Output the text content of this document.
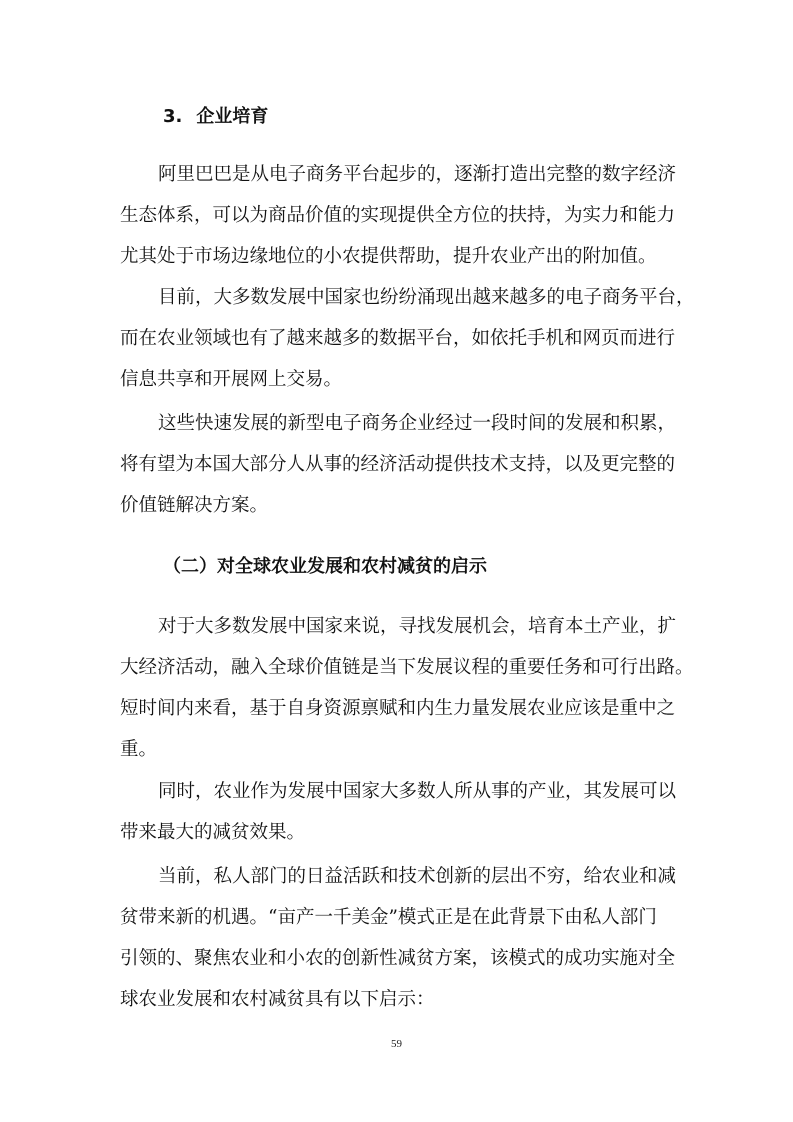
3. 企业培育
阿里巴巴是从电子商务平台起步的，逐渐打造出完整的数字经济
生态体系，可以为商品价值的实现提供全方位的扶持，为实力和能力
尤其处于市场边缘地位的小农提供帮助，提升农业产出的附加值。
目前，大多数发展中国家也纷纷涌现出越来越多的电子商务平台，
而在农业领域也有了越来越多的数据平台，如依托手机和网页而进行
信息共享和开展网上交易。
这些快速发展的新型电子商务企业经过一段时间的发展和积累，
将有望为本国大部分人从事的经济活动提供技术支持，以及更完整的
价值链解决方案。
（二）对全球农业发展和农村减贫的启示
对于大多数发展中国家来说，寻找发展机会，培育本土产业，扩
大经济活动，融入全球价值链是当下发展议程的重要任务和可行出路。
短时间内来看，基于自身资源禀赋和内生力量发展农业应该是重中之
重。
同时，农业作为发展中国家大多数人所从事的产业，其发展可以
带来最大的减贫效果。
当前，私人部门的日益活跃和技术创新的层出不穷，给农业和减
贫带来新的机遇。“亩产一千美金”模式正是在此背景下由私人部门
引领的、聚焦农业和小农的创新性减贫方案，该模式的成功实施对全
球农业发展和农村减贫具有以下启示：
59
